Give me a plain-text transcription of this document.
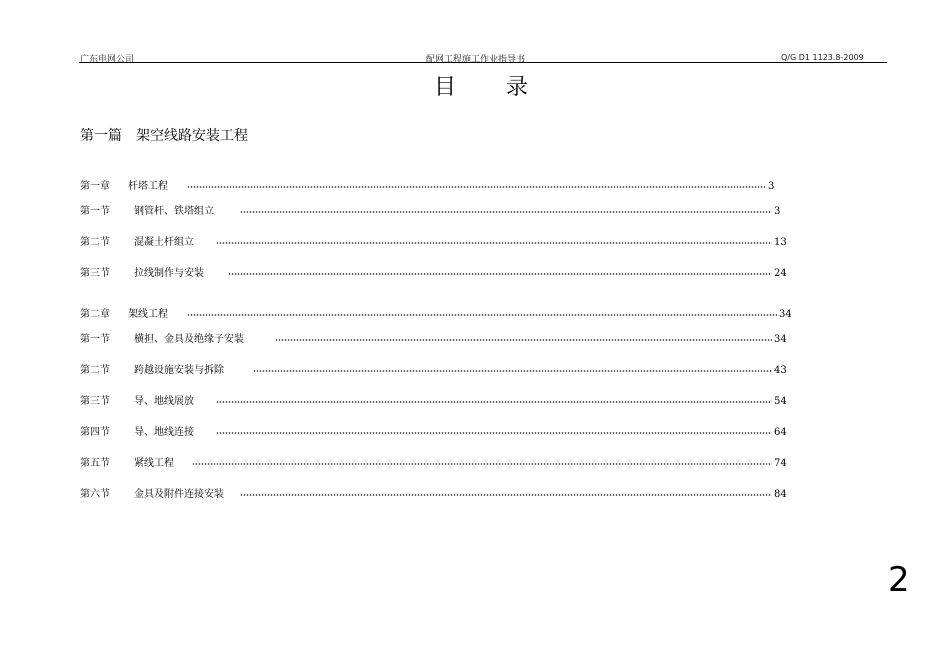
广东电网公司	配网工程施工作业指导书	Q/G D1 1123.8-2009
目录
第一篇 架空线路安装工程
第一章 杆塔工程	3
第一节 钢管杆、铁塔组立	3
第二节 混凝土杆组立	13
第三节 拉线制作与安装	24
第二章 架线工程	34
第一节 横担、金具及绝缘子安装	34
第二节 跨越设施安装与拆除	43
第三节 导、地线展放	54
第四节 导、地线连接	64
第五节 紧线工程	74
第六节 金具及附件连接安装	84
2
